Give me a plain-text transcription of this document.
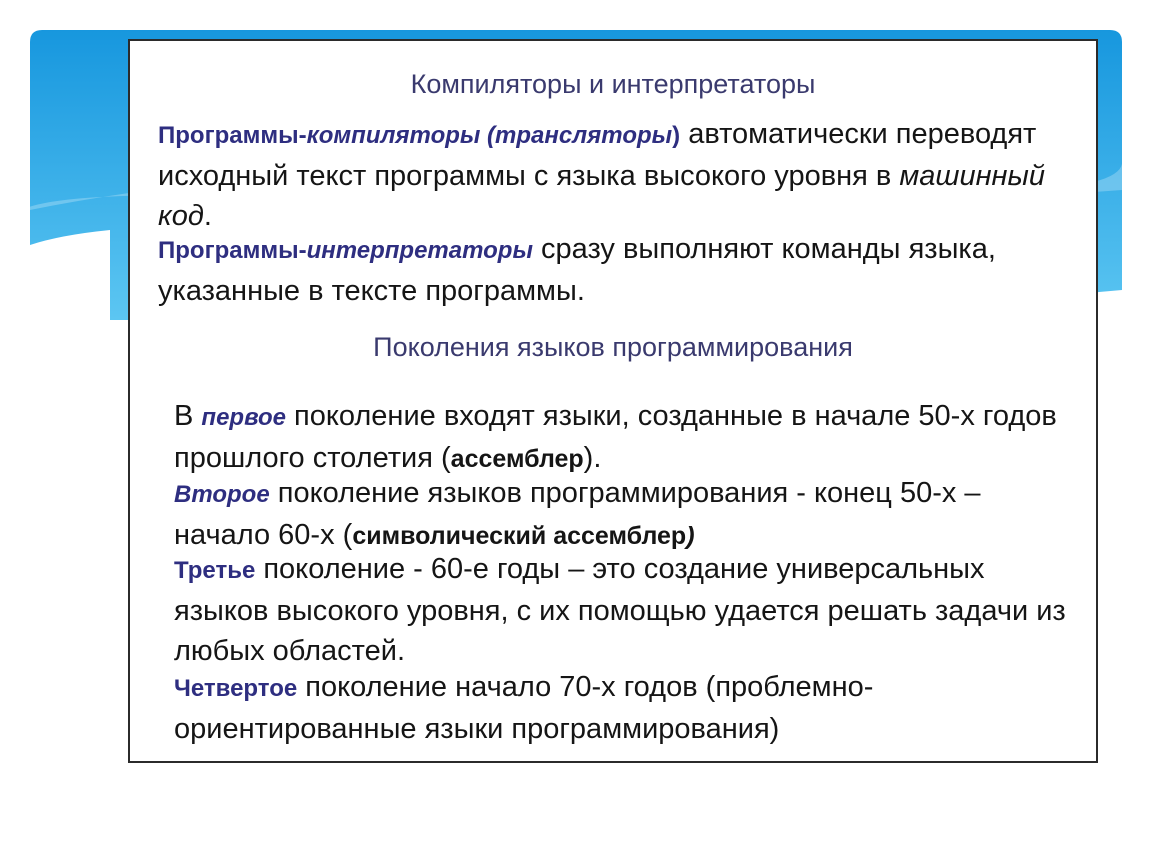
Компиляторы и интерпретаторы

Программы-компиляторы (трансляторы) автоматически переводят исходный текст программы с языка высокого уровня в машинный код.

Программы-интерпретаторы сразу выполняют команды языка, указанные в тексте программы.

Поколения языков программирования

В первое поколение входят языки, созданные в начале 50-х годов прошлого столетия (ассемблер).

Второе поколение языков программирования - конец 50-х – начало 60-х (символический ассемблер)

Третье поколение - 60-е годы – это создание универсальных языков высокого уровня, с их помощью удается решать задачи из любых областей.

Четвертое поколение начало 70-х годов (проблемно-ориентированные языки программирования)
